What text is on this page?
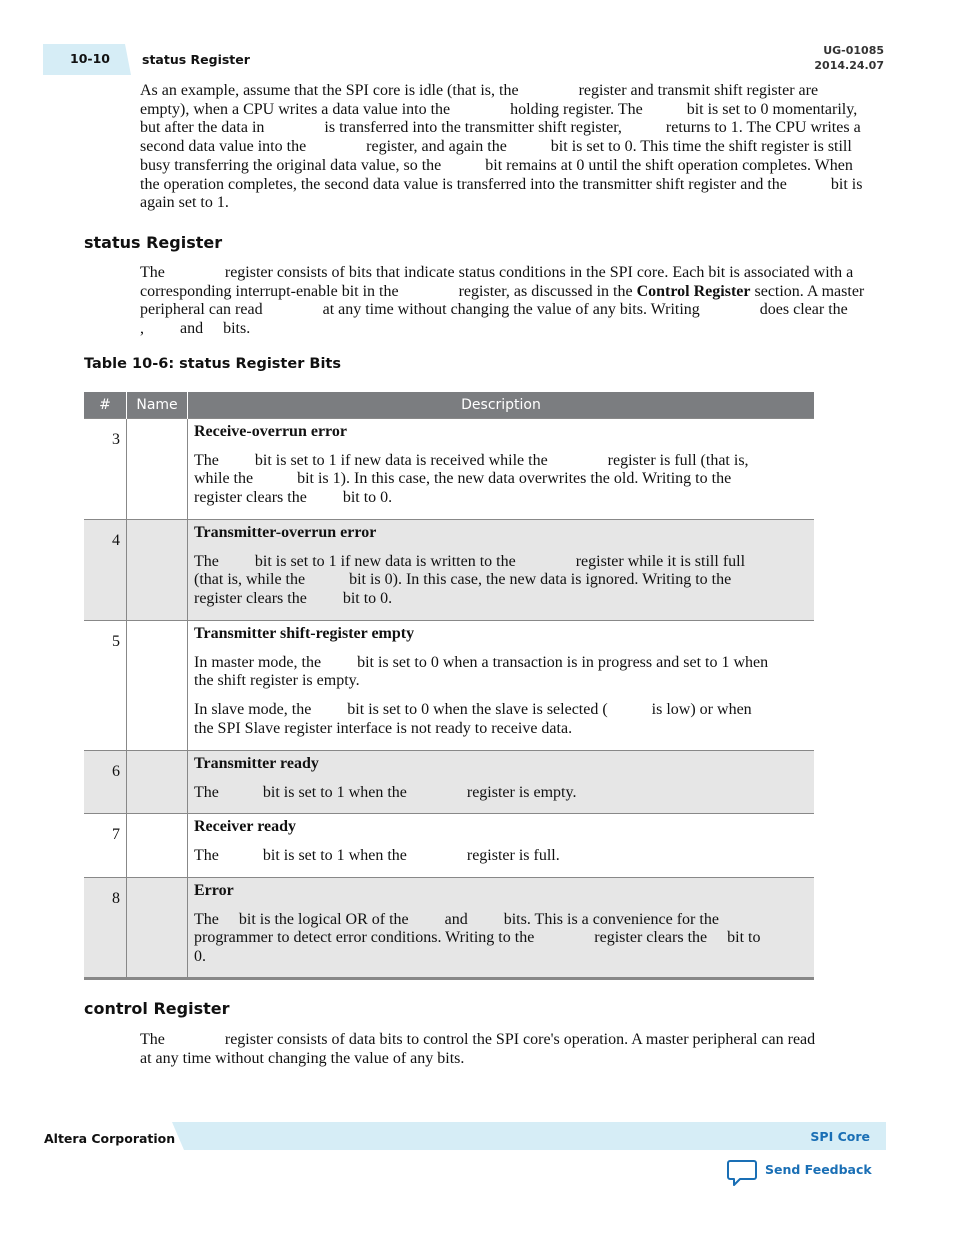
10-10	status Register
UG-01085
2014.24.07

As an example, assume that the SPI core is idle (that is, the               register and transmit shift register are empty), when a CPU writes a data value into the               holding register. The           bit is set to 0 momentarily, but after the data in               is transferred into the transmitter shift register,           returns to 1. The CPU writes a second data value into the               register, and again the           bit is set to 0. This time the shift register is still busy transferring the original data value, so the           bit remains at 0 until the shift operation completes. When the operation completes, the second data value is transferred into the transmitter shift register and the           bit is again set to 1.

status Register

The               register consists of bits that indicate status conditions in the SPI core. Each bit is associated with a corresponding interrupt-enable bit in the               register, as discussed in the Control Register section. A master peripheral can read               at any time without changing the value of any bits. Writing               does clear the       ,         and     bits.

Table 10-6: status Register Bits
#	Name	Description
3		Receive-overrun error

The         bit is set to 1 if new data is received while the               register is full (that is, while the           bit is 1). In this case, the new data overwrites the old. Writing to the               register clears the         bit to 0.

4		Transmitter-overrun error

The         bit is set to 1 if new data is written to the               register while it is still full (that is, while the           bit is 0). In this case, the new data is ignored. Writing to the               register clears the         bit to 0.

5		Transmitter shift-register empty

In master mode, the         bit is set to 0 when a transaction is in progress and set to 1 when the shift register is empty.

In slave mode, the         bit is set to 0 when the slave is selected (           is low) or when the SPI Slave register interface is not ready to receive data.

6		Transmitter ready

The           bit is set to 1 when the               register is empty.

7		Receiver ready

The           bit is set to 1 when the               register is full.

8		Error

The     bit is the logical OR of the         and         bits. This is a convenience for the programmer to detect error conditions. Writing to the               register clears the     bit to 0.

control Register

The               register consists of data bits to control the SPI core's operation. A master peripheral can read                 at any time without changing the value of any bits.

Altera Corporation	SPI Core
Send Feedback
